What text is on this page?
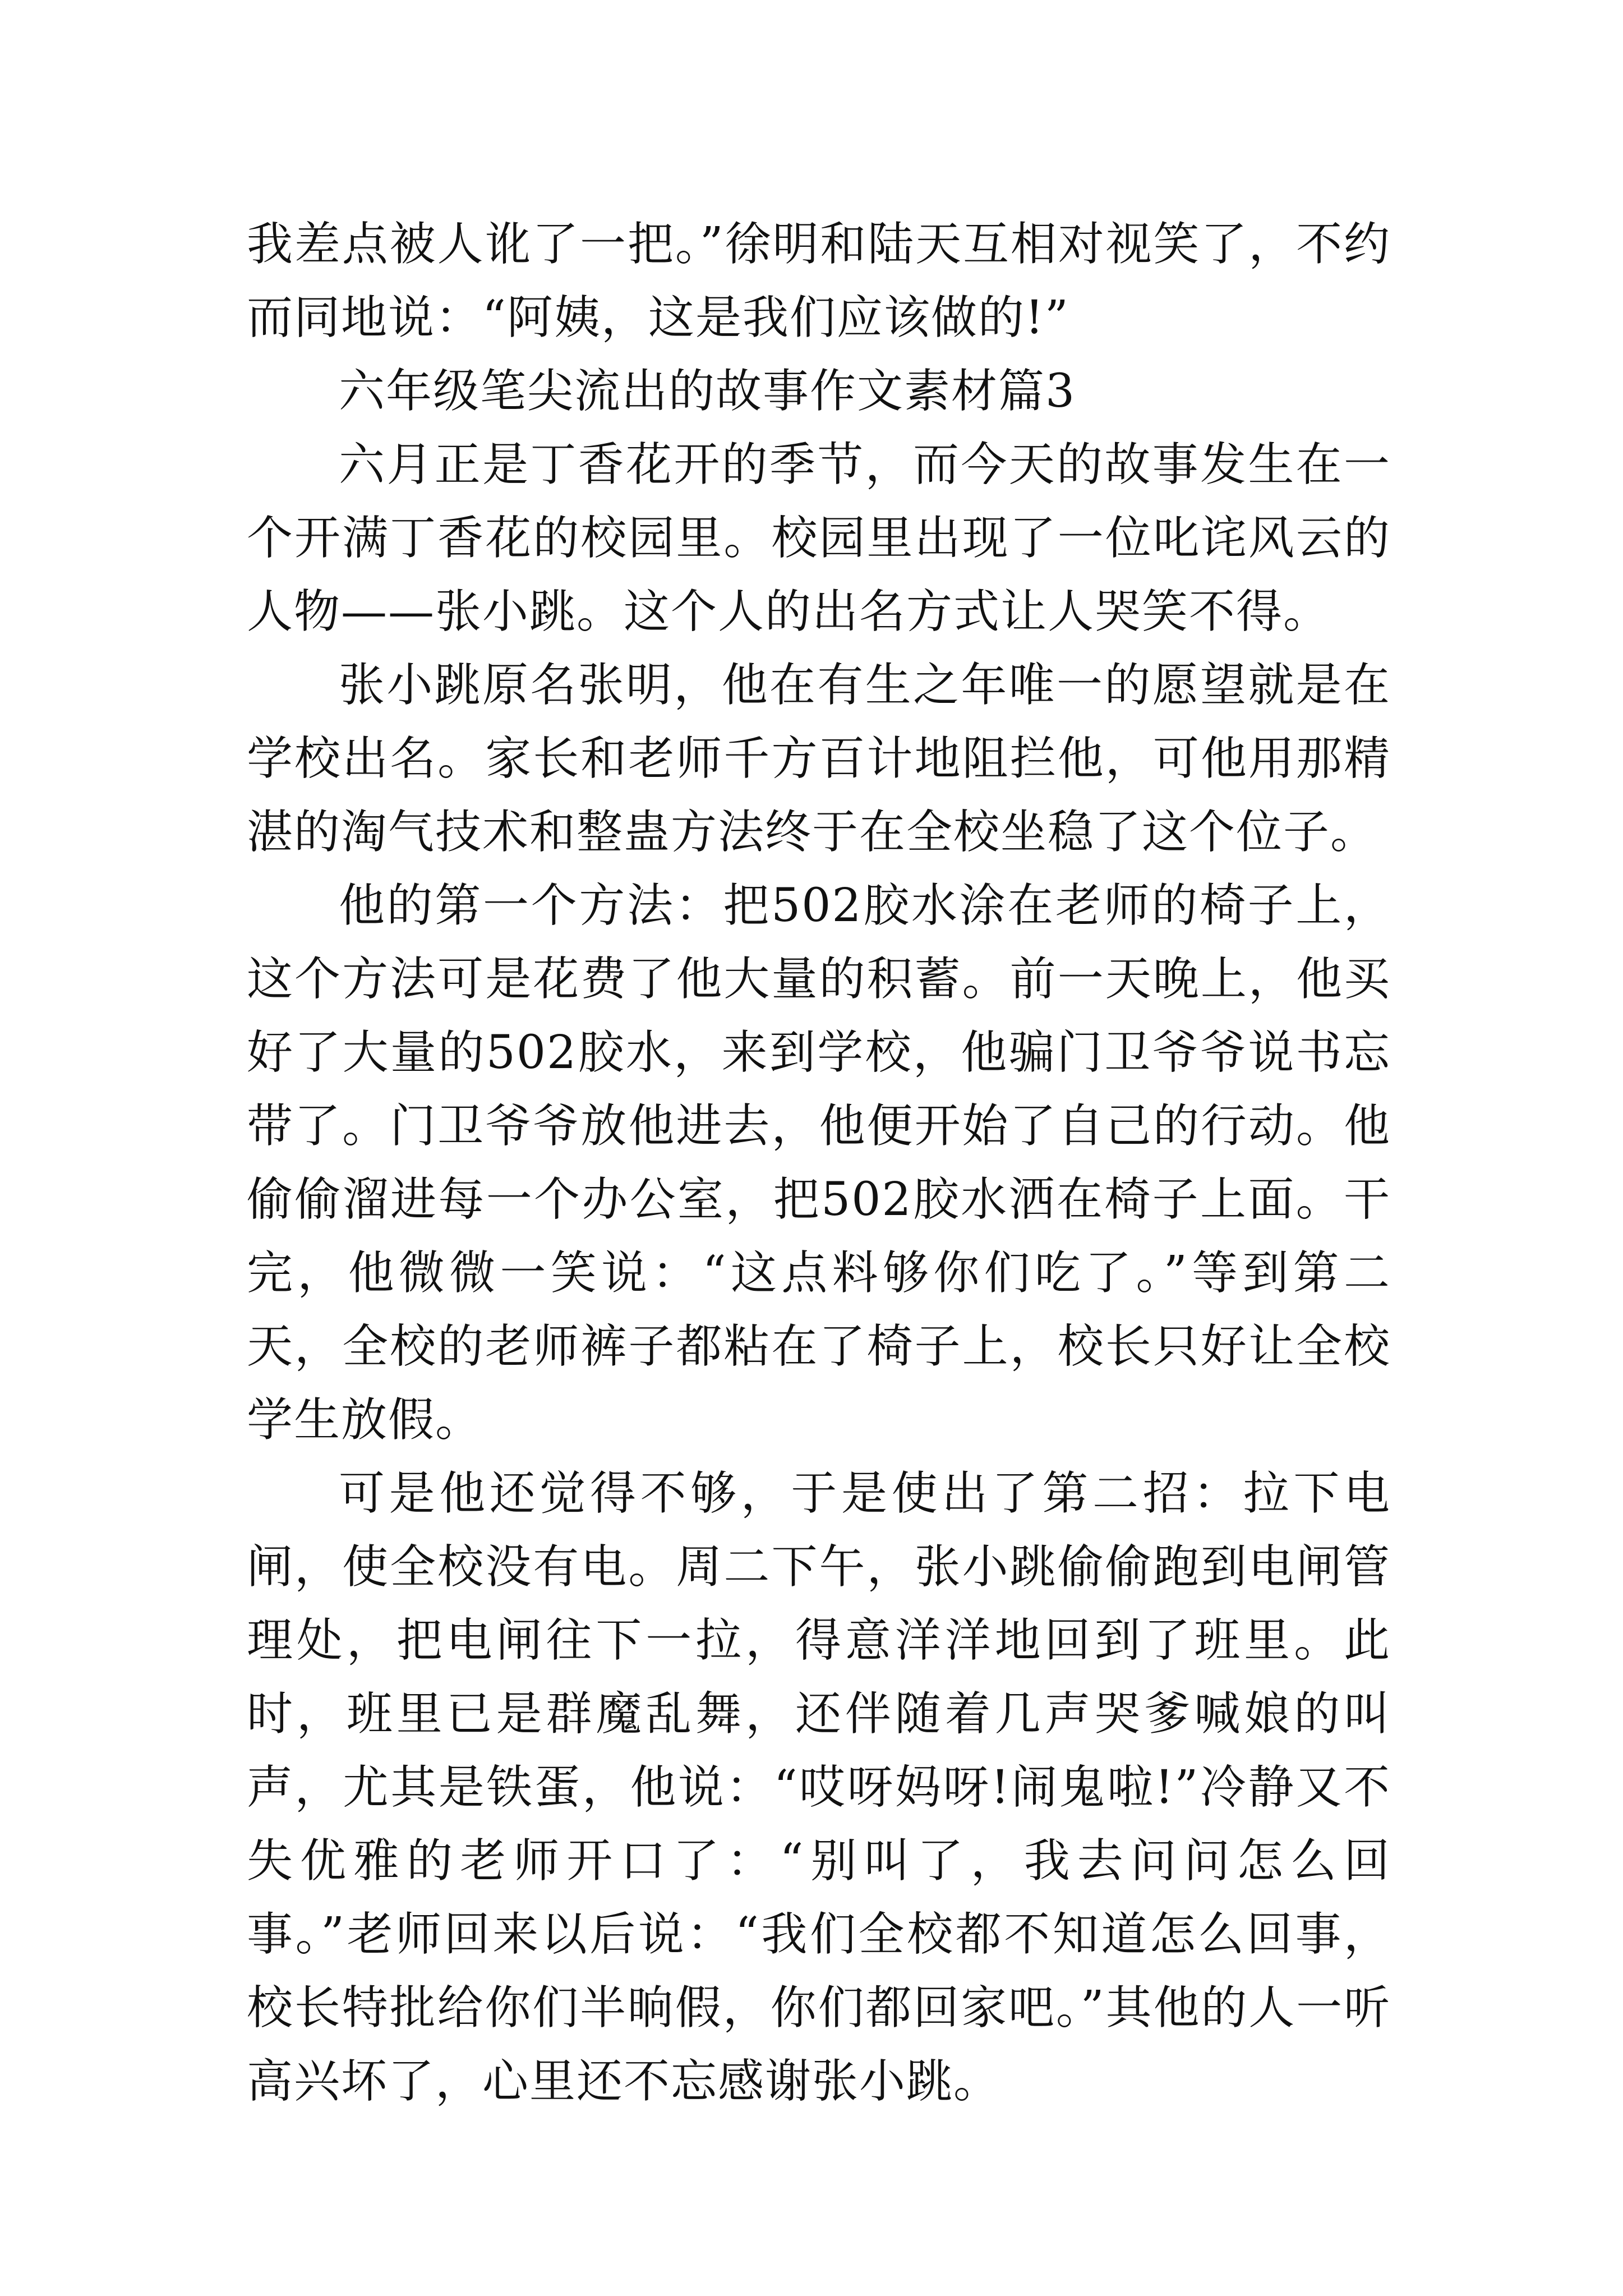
我差点被人讹了一把。”徐明和陆天互相对视笑了，不约而同地说：“阿姨，这是我们应该做的!”

六年级笔尖流出的故事作文素材篇3

六月正是丁香花开的季节，而今天的故事发生在一个开满丁香花的校园里。校园里出现了一位叱诧风云的人物——张小跳。这个人的出名方式让人哭笑不得。

张小跳原名张明，他在有生之年唯一的愿望就是在学校出名。家长和老师千方百计地阻拦他，可他用那精湛的淘气技术和整蛊方法终于在全校坐稳了这个位子。

他的第一个方法：把502胶水涂在老师的椅子上，这个方法可是花费了他大量的积蓄。前一天晚上，他买好了大量的502胶水，来到学校，他骗门卫爷爷说书忘带了。门卫爷爷放他进去，他便开始了自己的行动。他偷偷溜进每一个办公室，把502胶水洒在椅子上面。干完，他微微一笑说：“这点料够你们吃了。”等到第二天，全校的老师裤子都粘在了椅子上，校长只好让全校学生放假。

可是他还觉得不够，于是使出了第二招：拉下电闸，使全校没有电。周二下午，张小跳偷偷跑到电闸管理处，把电闸往下一拉，得意洋洋地回到了班里。此时，班里已是群魔乱舞，还伴随着几声哭爹喊娘的叫声，尤其是铁蛋，他说：“哎呀妈呀!闹鬼啦!”冷静又不失优雅的老师开口了：“别叫了，我去问问怎么回事。”老师回来以后说：“我们全校都不知道怎么回事，校长特批给你们半晌假，你们都回家吧。”其他的人一听高兴坏了，心里还不忘感谢张小跳。
